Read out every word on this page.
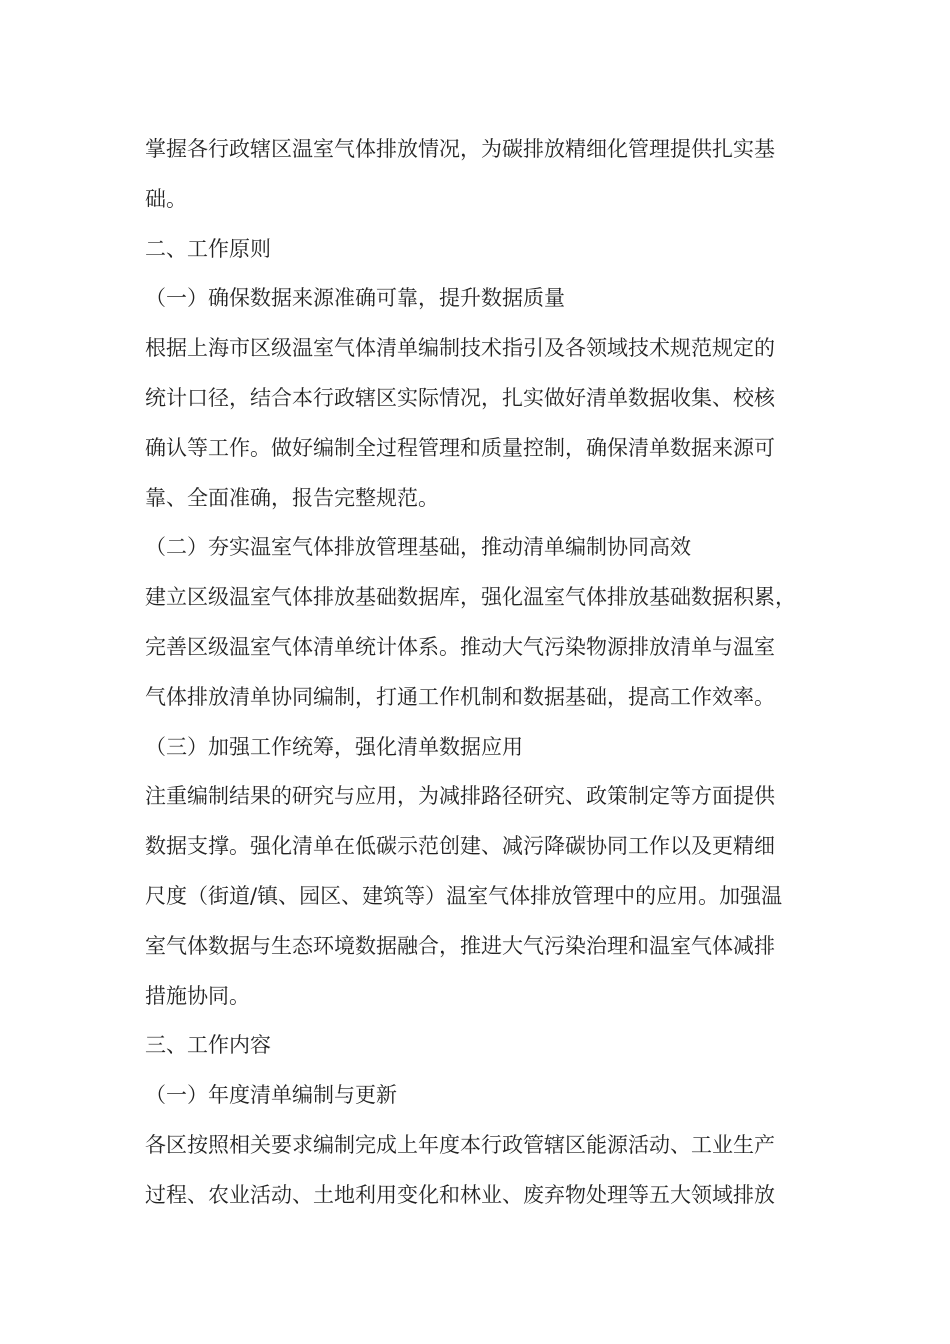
掌握各行政辖区温室气体排放情况，为碳排放精细化管理提供扎实基
础。
二、工作原则
（一）确保数据来源准确可靠，提升数据质量
根据上海市区级温室气体清单编制技术指引及各领域技术规范规定的
统计口径，结合本行政辖区实际情况，扎实做好清单数据收集、校核
确认等工作。做好编制全过程管理和质量控制，确保清单数据来源可
靠、全面准确，报告完整规范。
（二）夯实温室气体排放管理基础，推动清单编制协同高效
建立区级温室气体排放基础数据库，强化温室气体排放基础数据积累，
完善区级温室气体清单统计体系。推动大气污染物源排放清单与温室
气体排放清单协同编制，打通工作机制和数据基础，提高工作效率。
（三）加强工作统筹，强化清单数据应用
注重编制结果的研究与应用，为减排路径研究、政策制定等方面提供
数据支撑。强化清单在低碳示范创建、减污降碳协同工作以及更精细
尺度（街道/镇、园区、建筑等）温室气体排放管理中的应用。加强温
室气体数据与生态环境数据融合，推进大气污染治理和温室气体减排
措施协同。
三、工作内容
（一）年度清单编制与更新
各区按照相关要求编制完成上年度本行政管辖区能源活动、工业生产
过程、农业活动、土地利用变化和林业、废弃物处理等五大领域排放
